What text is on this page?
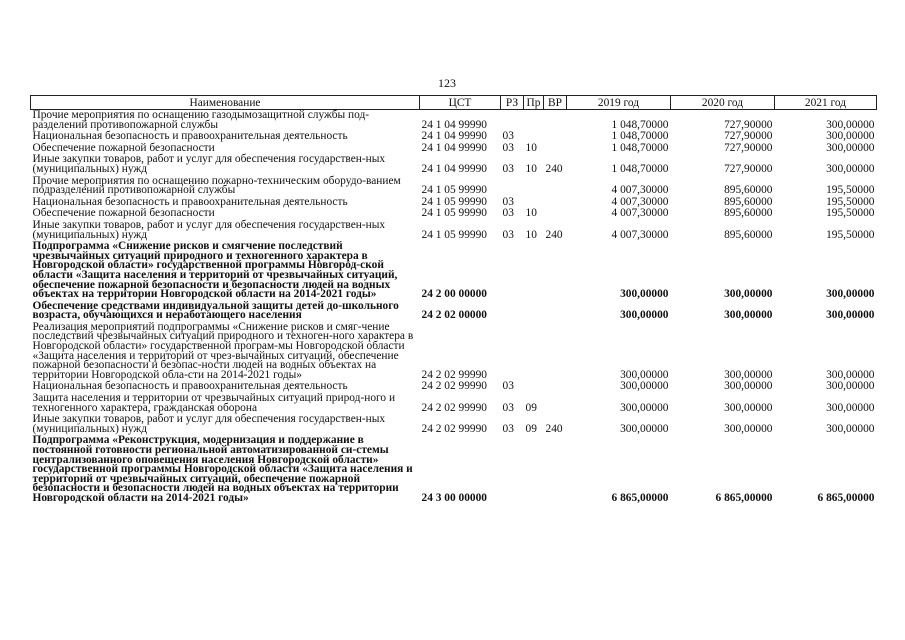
123
Наименование	ЦСТ	РЗ	Пр	ВР	2019 год	2020 год	2021 год
Прочие мероприятия по оснащению газодымозащитной службы под-разделений противопожарной службы	24 1 04 99990				1 048,70000	727,90000	300,00000
Национальная безопасность и правоохранительная деятельность	24 1 04 99990	03			1 048,70000	727,90000	300,00000
Обеспечение пожарной безопасности	24 1 04 99990	03	10		1 048,70000	727,90000	300,00000
Иные закупки товаров, работ и услуг для обеспечения государствен-ных (муниципальных) нужд	24 1 04 99990	03	10	240	1 048,70000	727,90000	300,00000
Прочие мероприятия по оснащению пожарно-техническим оборудо-ванием подразделений противопожарной службы	24 1 05 99990				4 007,30000	895,60000	195,50000
Национальная безопасность и правоохранительная деятельность	24 1 05 99990	03			4 007,30000	895,60000	195,50000
Обеспечение пожарной безопасности	24 1 05 99990	03	10		4 007,30000	895,60000	195,50000
Иные закупки товаров, работ и услуг для обеспечения государствен-ных (муниципальных) нужд	24 1 05 99990	03	10	240	4 007,30000	895,60000	195,50000
Подпрограмма «Снижение рисков и смягчение последствий чрезвычайных ситуаций природного и техногенного характера в Новгородской области» государственной программы Новгород-ской области «Защита населения и территорий от чрезвычайных ситуаций, обеспечение пожарной безопасности и безопасности людей на водных объектах на территории Новгородской области на 2014-2021 годы»	24 2 00 00000				300,00000	300,00000	300,00000
Обеспечение средствами индивидуальной защиты детей до-школьного возраста, обучающихся и неработающего населения	24 2 02 00000				300,00000	300,00000	300,00000
Реализация мероприятий подпрограммы «Снижение рисков и смяг-чение последствий чрезвычайных ситуаций природного и техноген-ного характера в Новгородской области» государственной програм-мы Новгородской области «Защита населения и территорий от чрез-вычайных ситуаций, обеспечение пожарной безопасности и безопас-ности людей на водных объектах на территории Новгородской обла-сти на 2014-2021 годы»	24 2 02 99990				300,00000	300,00000	300,00000
Национальная безопасность и правоохранительная деятельность	24 2 02 99990	03			300,00000	300,00000	300,00000
Защита населения и территории от чрезвычайных ситуаций природ-ного и техногенного характера, гражданская оборона	24 2 02 99990	03	09		300,00000	300,00000	300,00000
Иные закупки товаров, работ и услуг для обеспечения государствен-ных (муниципальных) нужд	24 2 02 99990	03	09	240	300,00000	300,00000	300,00000
Подпрограмма «Реконструкция, модернизация и поддержание в постоянной готовности региональной автоматизированной си-стемы централизованного оповещения населения Новгородской области» государственной программы Новгородской области «Защита населения и территорий от чрезвычайных ситуаций, обеспечение пожарной безопасности и безопасности людей на водных объектах на территории Новгородской области на 2014-2021 годы»	24 3 00 00000				6 865,00000	6 865,00000	6 865,00000
